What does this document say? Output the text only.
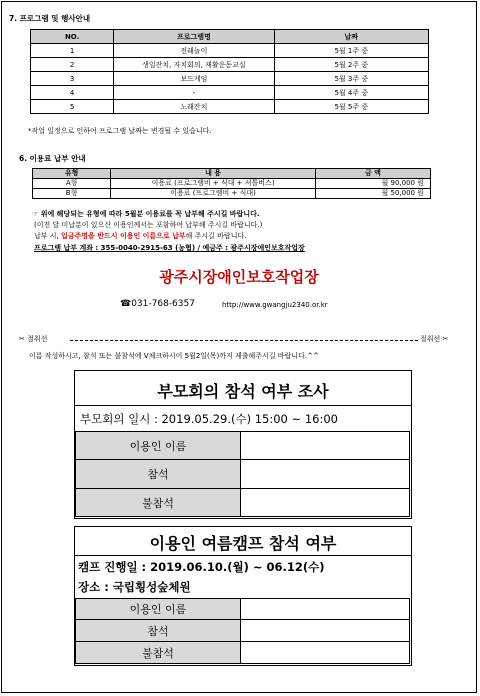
7. 프로그램 및 행사안내
NO.	프로그램명	날짜
1	전래놀이	5월 1주 중
2	생일잔치, 자치회의, 재활운동교실	5월 2주 중
3	보드게임	5월 3주 중
4	-	5월 4주 중
5	노래잔치	5월 5주 중
*작업 일정으로 인하여 프로그램 날짜는 변경될 수 있습니다.
6. 이용료 납부 안내
유형	내 용	금 액
A형	이용료 (프로그램비 + 식대 + 셔틀버스)	월 90,000 원
B형	이용료 (프로그램비 + 식대)	월 50,000 원
☞ 위에 해당되는 유형에 따라 5월분 이용료를 꼭 납부해 주시길 바랍니다.
(이전 달 미납분이 있으신 이용인께서는 포함하여 납부해 주시길 바랍니다.)
납부 시, 입금주명을 반드시 이용인 이름으로 납부해 주시길 바랍니다.
프로그램 납부 계좌 : 355-0040-2915-63 (농협) / 예금주 : 광주시장애인보호작업장
광주시장애인보호작업장
☎031-768-6357	http://www.gwangju2340.or.kr
✂ 절취선	절취선 ✂
이름 작성하시고, 참석 또는 불참석에 V체크하시어 5월2일(목)까지 제출해주시길 바랍니다.^^
부모회의 참석 여부 조사
부모회의 일시 : 2019.05.29.(수) 15:00 ~ 16:00
이용인 이름	
참석	
불참석	
이용인 여름캠프 참석 여부
캠프 진행일 : 2019.06.10.(월) ~ 06.12(수)
장소 : 국립횡성숲체원
이용인 이름	
참석	
불참석	
